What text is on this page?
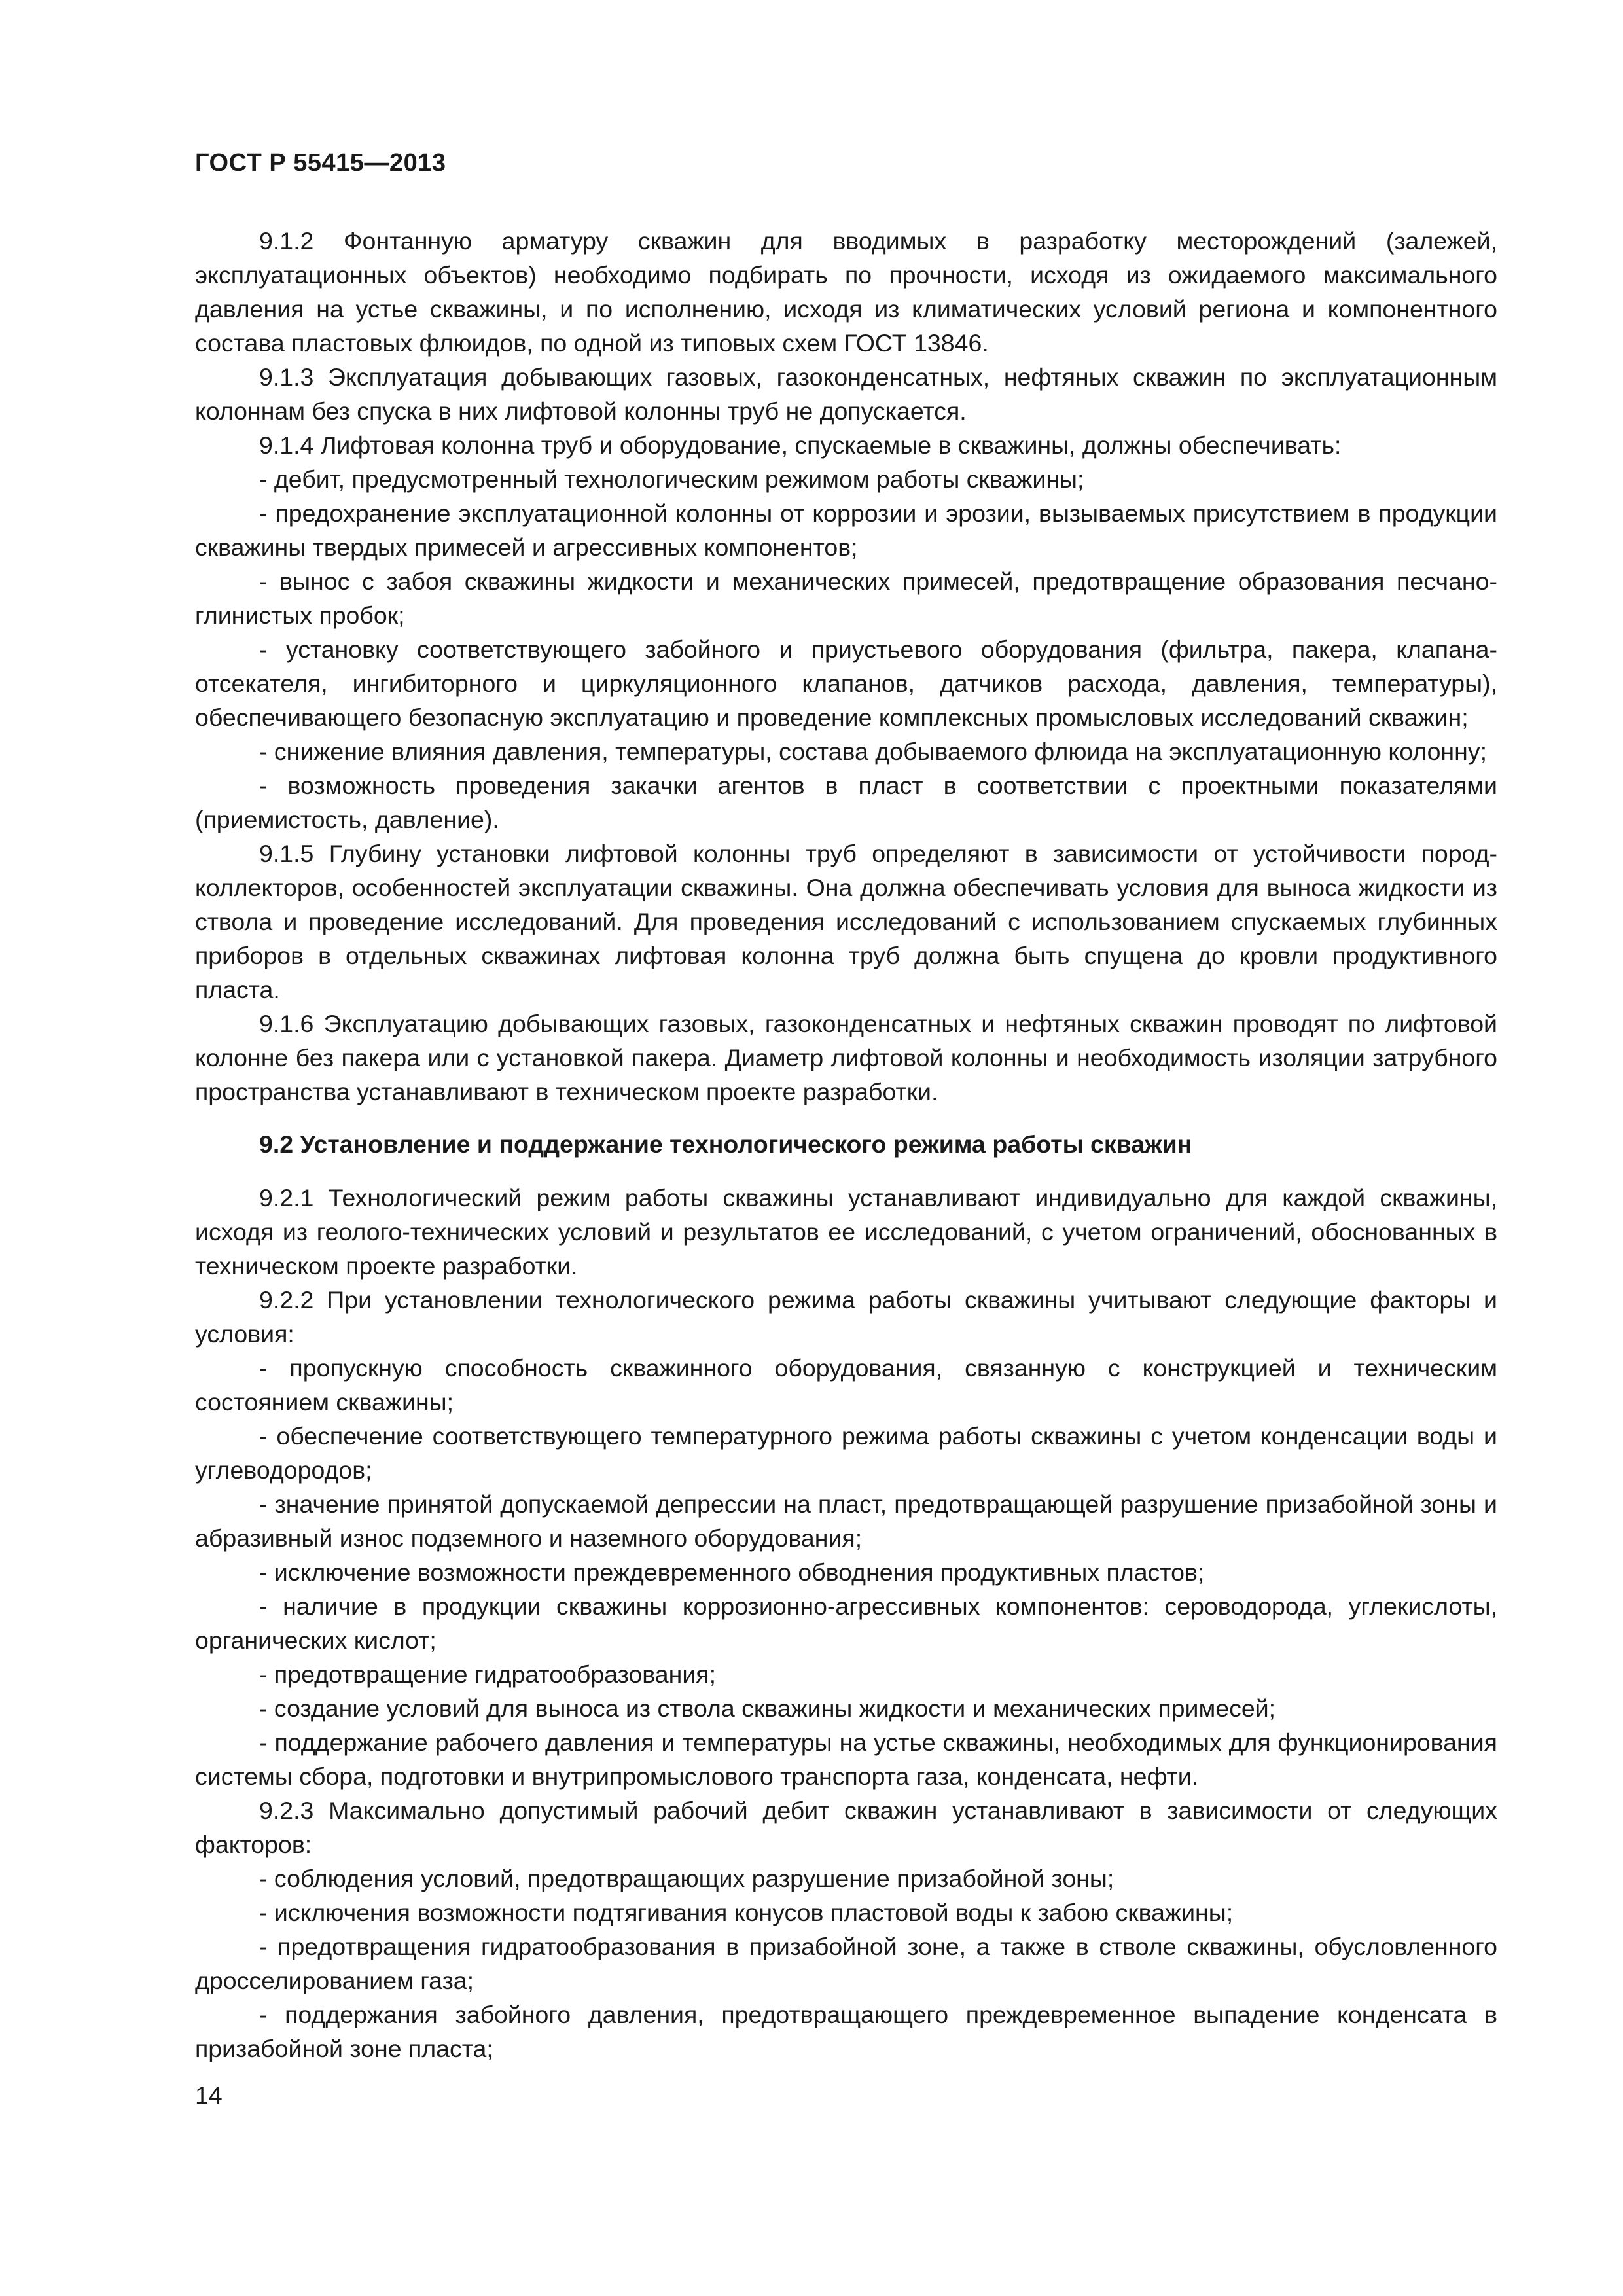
ГОСТ Р 55415—2013

9.1.2 Фонтанную арматуру скважин для вводимых в разработку месторождений (залежей, эксплуатационных объектов) необходимо подбирать по прочности, исходя из ожидаемого максимального давления на устье скважины, и по исполнению, исходя из климатических условий региона и компонентного состава пластовых флюидов, по одной из типовых схем ГОСТ 13846.

9.1.3 Эксплуатация добывающих газовых, газоконденсатных, нефтяных скважин по эксплуатационным колоннам без спуска в них лифтовой колонны труб не допускается.

9.1.4 Лифтовая колонна труб и оборудование, спускаемые в скважины, должны обеспечивать:

- дебит, предусмотренный технологическим режимом работы скважины;

- предохранение эксплуатационной колонны от коррозии и эрозии, вызываемых присутствием в продукции скважины твердых примесей и агрессивных компонентов;

- вынос с забоя скважины жидкости и механических примесей, предотвращение образования песчано-глинистых пробок;

- установку соответствующего забойного и приустьевого оборудования (фильтра, пакера, клапана-отсекателя, ингибиторного и циркуляционного клапанов, датчиков расхода, давления, температуры), обеспечивающего безопасную эксплуатацию и проведение комплексных промысловых исследований скважин;

- снижение влияния давления, температуры, состава добываемого флюида на эксплуатационную колонну;

- возможность проведения закачки агентов в пласт в соответствии с проектными показателями (приемистость, давление).

9.1.5 Глубину установки лифтовой колонны труб определяют в зависимости от устойчивости пород-коллекторов, особенностей эксплуатации скважины. Она должна обеспечивать условия для выноса жидкости из ствола и проведение исследований. Для проведения исследований с использованием спускаемых глубинных приборов в отдельных скважинах лифтовая колонна труб должна быть спущена до кровли продуктивного пласта.

9.1.6 Эксплуатацию добывающих газовых, газоконденсатных и нефтяных скважин проводят по лифтовой колонне без пакера или с установкой пакера. Диаметр лифтовой колонны и необходимость изоляции затрубного пространства устанавливают в техническом проекте разработки.

9.2 Установление и поддержание технологического режима работы скважин

9.2.1 Технологический режим работы скважины устанавливают индивидуально для каждой скважины, исходя из геолого-технических условий и результатов ее исследований, с учетом ограничений, обоснованных в техническом проекте разработки.

9.2.2 При установлении технологического режима работы скважины учитывают следующие факторы и условия:

- пропускную способность скважинного оборудования, связанную с конструкцией и техническим состоянием скважины;

- обеспечение соответствующего температурного режима работы скважины с учетом конденсации воды и углеводородов;

- значение принятой допускаемой депрессии на пласт, предотвращающей разрушение призабойной зоны и абразивный износ подземного и наземного оборудования;

- исключение возможности преждевременного обводнения продуктивных пластов;

- наличие в продукции скважины коррозионно-агрессивных компонентов: сероводорода, углекислоты, органических кислот;

- предотвращение гидратообразования;

- создание условий для выноса из ствола скважины жидкости и механических примесей;

- поддержание рабочего давления и температуры на устье скважины, необходимых для функционирования системы сбора, подготовки и внутрипромыслового транспорта газа, конденсата, нефти.

9.2.3 Максимально допустимый рабочий дебит скважин устанавливают в зависимости от следующих факторов:

- соблюдения условий, предотвращающих разрушение призабойной зоны;

- исключения возможности подтягивания конусов пластовой воды к забою скважины;

- предотвращения гидратообразования в призабойной зоне, а также в стволе скважины, обусловленного дросселированием газа;

- поддержания забойного давления, предотвращающего преждевременное выпадение конденсата в призабойной зоне пласта;

14
